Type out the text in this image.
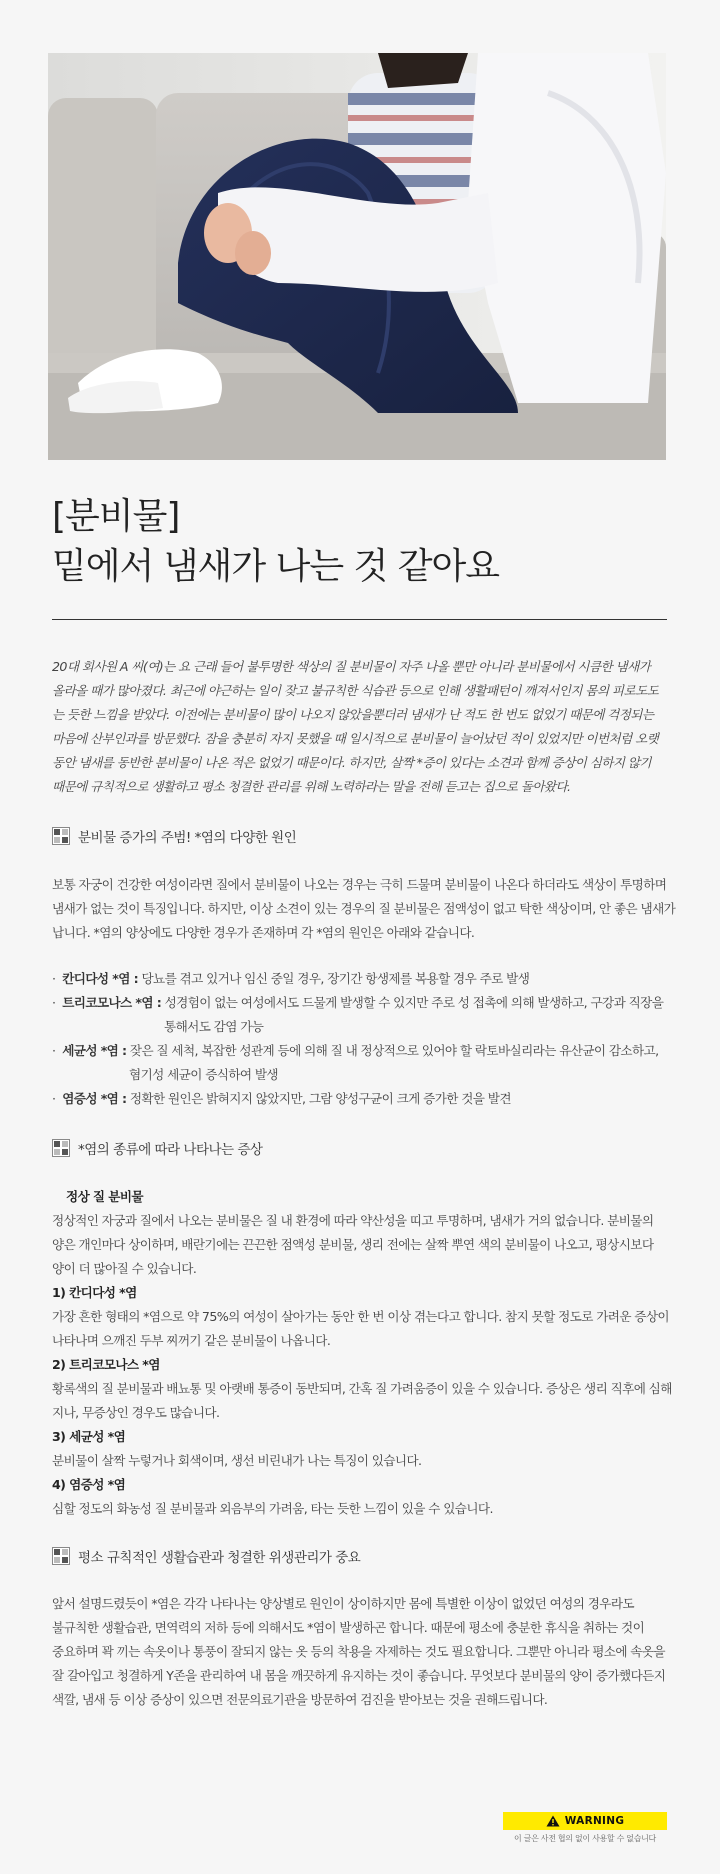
[분비물]
밑에서 냄새가 나는 것 같아요
20대 회사원 A 씨(여)는 요 근래 들어 불투명한 색상의 질 분비물이 자주 나올 뿐만 아니라 분비물에서 시큼한 냄새가
올라올 때가 많아졌다. 최근에 야근하는 일이 잦고 불규칙한 식습관 등으로 인해 생활패턴이 깨져서인지 몸의 피로도도
는 듯한 느낌을 받았다. 이전에는 분비물이 많이 나오지 않았을뿐더러 냄새가 난 적도 한 번도 없었기 때문에 걱정되는
마음에 산부인과를 방문했다. 잠을 충분히 자지 못했을 때 일시적으로 분비물이 늘어났던 적이 있었지만 이번처럼 오랫
동안 냄새를 동반한 분비물이 나온 적은 없었기 때문이다. 하지만, 살짝 *증이 있다는 소견과 함께 증상이 심하지 않기
때문에 규칙적으로 생활하고 평소 청결한 관리를 위해 노력하라는 말을 전해 듣고는 집으로 돌아왔다.
분비물 증가의 주범! *염의 다양한 원인
보통 자궁이 건강한 여성이라면 질에서 분비물이 나오는 경우는 극히 드물며 분비물이 나온다 하더라도 색상이 투명하며
냄새가 없는 것이 특징입니다. 하지만, 이상 소견이 있는 경우의 질 분비물은 점액성이 없고 탁한 색상이며, 안 좋은 냄새가
납니다. *염의 양상에도 다양한 경우가 존재하며 각 *염의 원인은 아래와 같습니다.
· 칸디다성 *염 : 당뇨를 겪고 있거나 임신 중일 경우, 장기간 항생제를 복용할 경우 주로 발생
· 트리코모나스 *염 : 성경험이 없는 여성에서도 드물게 발생할 수 있지만 주로 성 접촉에 의해 발생하고, 구강과 직장을
통해서도 감염 가능
· 세균성 *염 : 잦은 질 세척, 복잡한 성관계 등에 의해 질 내 정상적으로 있어야 할 락토바실리라는 유산균이 감소하고,
혐기성 세균이 증식하여 발생
· 염증성 *염 : 정확한 원인은 밝혀지지 않았지만, 그람 양성구균이 크게 증가한 것을 발견
*염의 종류에 따라 나타나는 증상
정상 질 분비물
정상적인 자궁과 질에서 나오는 분비물은 질 내 환경에 따라 약산성을 띠고 투명하며, 냄새가 거의 없습니다. 분비물의
양은 개인마다 상이하며, 배란기에는 끈끈한 점액성 분비물, 생리 전에는 살짝 뿌연 색의 분비물이 나오고, 평상시보다
양이 더 많아질 수 있습니다.
1) 칸디다성 *염
가장 흔한 형태의 *염으로 약 75%의 여성이 살아가는 동안 한 번 이상 겪는다고 합니다. 참지 못할 정도로 가려운 증상이
나타나며 으깨진 두부 찌꺼기 같은 분비물이 나옵니다.
2) 트리코모나스 *염
황록색의 질 분비물과 배뇨통 및 아랫배 통증이 동반되며, 간혹 질 가려움증이 있을 수 있습니다. 증상은 생리 직후에 심해
지나, 무증상인 경우도 많습니다.
3) 세균성 *염
분비물이 살짝 누렇거나 회색이며, 생선 비린내가 나는 특징이 있습니다.
4) 염증성 *염
심할 정도의 화농성 질 분비물과 외음부의 가려움, 타는 듯한 느낌이 있을 수 있습니다.
평소 규칙적인 생활습관과 청결한 위생관리가 중요
앞서 설명드렸듯이 *염은 각각 나타나는 양상별로 원인이 상이하지만 몸에 특별한 이상이 없었던 여성의 경우라도
불규칙한 생활습관, 면역력의 저하 등에 의해서도 *염이 발생하곤 합니다. 때문에 평소에 충분한 휴식을 취하는 것이
중요하며 꽉 끼는 속옷이나 통풍이 잘되지 않는 옷 등의 착용을 자제하는 것도 필요합니다. 그뿐만 아니라 평소에 속옷을
잘 갈아입고 청결하게 Y존을 관리하여 내 몸을 깨끗하게 유지하는 것이 좋습니다. 무엇보다 분비물의 양이 증가했다든지
색깔, 냄새 등 이상 증상이 있으면 전문의료기관을 방문하여 검진을 받아보는 것을 권해드립니다.
WARNING
이 글은 사전 협의 없이 사용할 수 없습니다
